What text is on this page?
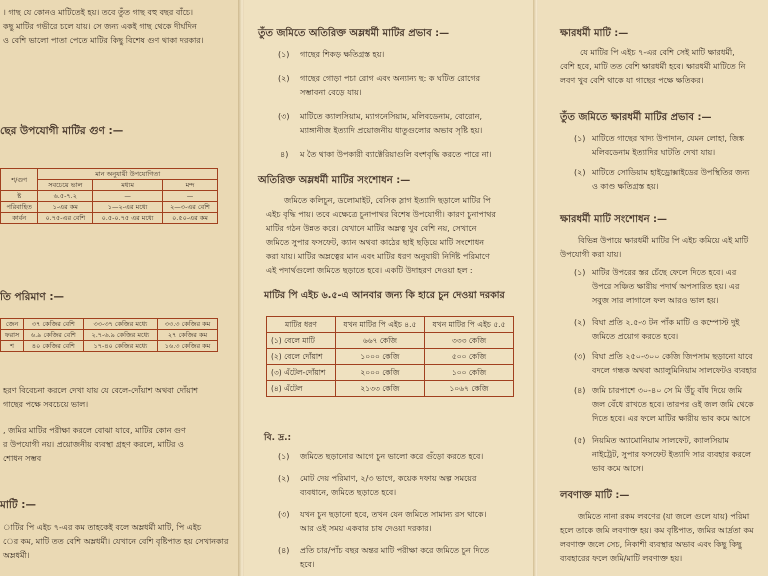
। গাছ যে কোনও মাটিতেই হয়। তবে তুঁত গাছ বহু বছর বাঁচে।
কছু মাটির গভীরে চলে যায়। সে জন্য একই গাছ থেকে দীর্ঘদিন
ও বেশি ভালো পাতা পেতে মাটির কিছু বিশেষ গুণ থাকা দরকার।
ছের উপযোগী মাটির গুণ :—
শ/গুণ	মান অনুযায়ী উপযোগিতা		
	সবচেয়ে ভাল	মধ্যম	মন্দ
ষ্ট	৬.৫-৭.২	—	—
পরিবাহিত	১-এর কম	১—২-এর মধ্যে	২—৩-এর বেশি
কার্বন	০.৭৫-এর বেশি	০.৫-০.৭৫ এর মধ্যে	০.৫০-এর কম
তি পরিমাণ :—
জেন	৩৭ কেজির বেশি	৩৩-৩৭ কেজির মধ্যে	৩৩.৩ কেজির কম
ফরাস	৬.৯ কেজির বেশি	২.৭-৬.৯ কেজির মধ্যে	২৭ কেজির কম
শ	৪০ কেজির বেশি	১৭-৪০ কেজির মধ্যে	১৬.৩ কেজির কম
হরণ বিবেচনা করলে দেখা যায় যে বেলে-দোঁয়াশ অথবা দোঁয়াশ
গাছের পক্ষে সবচেয়ে ভাল।
, জমির মাটির পরীক্ষা করলে বোঝা যাবে, মাটির কোন গুণ
র উপযোগী নয়। প্রয়োজনীয় ব্যবস্থা গ্রহণ করলে, মাটির ও
শোধন সম্ভব
মাটি :—
াটির পি এইচ ৭-এর কম তাহকেই বলে অম্লধর্মী মাটি, পি এইচ
ের কম, মাটি তত বেশি অম্লধর্মী। যেখানে বেশি বৃষ্টিপাত হয় সেখানকার
অম্লধর্মী।
তুঁত জমিতে অতিরিক্ত অম্লধর্মী মাটির প্রভাব :—
(১) গাছের শিকড় ক্ষতিগ্রস্ত হয়।
(২) গাছের গোড়া পচা রোগ এবং অন্যান্য ছ: ক ঘটিত রোগের
সম্ভাবনা বেড়ে যায়।
(৩) মাটিতে ক্যালসিয়াম, ম্যাগনেসিয়াম, মলিবডেনাম, বোরোন,
ম্যাঙ্গানীজ ইত্যাদি প্রয়োজনীয় ধাতুগুলোর অভাব সৃষ্টি হয়।
৪) ম তৈ থাকা উপকারী ব্যাক্টেরিয়াগুলি বংশবৃদ্ধি করতে পারে না।
অতিরিক্ত অম্লধর্মী মাটির সংশোধন :—
জমিতে কলিচুন, ডলোমাইট, বেসিক স্লাগ ইত্যাদি ছড়ালে মাটির পি
এইচ বৃদ্ধি পায়। তবে এক্ষেত্রে চুনাপাথর বিশেষ উপযোগী। কারণ চুনাপাথর
মাটির গঠন উন্নত করে। যেখানে মাটির অম্লত্ব খুব বেশি নয়, সেখানে
জমিতে সুপার ফসফেট, ক্যান অথবা কাঠের ছাই ছড়িয়ে মাটি সংশোধন
করা যায়। মাটির অম্লত্বের মান এবং মাটির ধরণ অনুযায়ী নির্দিষ্ট পরিমাণে
এই পদার্থগুলো জমিতে ছড়াতে হবে। একটি উদাহরণ দেওয়া হল :
মাটির পি এইচ ৬.৫-এ আনবার জন্য কি হারে চুন দেওয়া দরকার
মাটির ধরণ	যখন মাটির পি এইচ ৪.৫	যখন মাটির পি এইচ ৫.৫
(১) বেলে মাটি	৬৬৭ কেজি	৩৩৩ কেজি
(২) বেলে দোঁয়াশ	১০০০ কেজি	৫০০ কেজি
(৩) এঁটেল-দোঁয়াশ	২০০০ কেজি	১০০ কেজি
(৪) এঁটেল	২১৩৩ কেজি	১০৬৭ কেজি
বি. দ্র.:
(১) জমিতে ছড়ানোর আগে চুন ভালো করে গুঁড়ো করতে হবে।
(২) মোট দেয় পরিমাণ, ২/৩ ভাগে, কয়েক দফায় অল্প সময়ের
ব্যবধানে, জমিতে ছড়াতে হবে।
(৩) যখন চুন ছড়ানো হবে, তখন যেন জমিতে সামান্য রস থাকে।
আর ওই সময় একবার চাষ দেওয়া দরকার।
(৪) প্রতি চার/পাঁচ বছর অন্তর মাটি পরীক্ষা করে জমিতে চুন দিতে
হবে।
ক্ষারধর্মী মাটি :—
যে মাটির পি এইচ ৭-এর বেশি সেই মাটি ক্ষারধর্মী,
বেশি হবে, মাটি তত বেশি ক্ষারধর্মী হবে। ক্ষারধর্মী মাটিতে নি
লবণ খুব বেশি থাকে যা গাছের পক্ষে ক্ষতিকর।
তুঁত জমিতে ক্ষারধর্মী মাটির প্রভাব :—
(১) মাটিতে গাছের খাদ্য উপাদান, যেমন লোহা, জিঙ্ক
মলিবডেনাম ইত্যাদির ঘাটতি দেখা যায়।
(২) মাটিতে সোডিয়াম হাইড্রোক্সাইডের উপস্থিতির জন্য
ও কাণ্ড ক্ষতিগ্রস্ত হয়।
ক্ষারধর্মী মাটি সংশোধন :—
বিভিন্ন উপায়ে ক্ষারধর্মী মাটির পি এইচ কমিয়ে এই মাটি
উপযোগী করা যায়।
(১) মাটির উপরের স্তর চেঁছে ফেলে দিতে হবে। এর
উপরে সঞ্চিত ক্ষারীয় পদার্থ অপসারিত হয়। এর
সবুজ সার লাগালে ফল আরও ভাল হয়।
(২) বিঘা প্রতি ২.৫-৩ টন পাঁক মাটি ও কম্পোস্ট দুই
জমিতে প্রয়োগ করতে হবে।
(৩) বিঘা প্রতি ২৫০-৩০০ কেজি জিপসাম ছড়ানো যাবে
বদলে গন্ধক অথবা অ্যালুমিনিয়াম সালফেটও ব্যবহার
(৪) জমি চারপাশে ৩০-৪০ সে মি উঁচু বাঁধ দিয়ে জমি
জল বেঁধে রাখতে হবে। তারপর ওই জল জমি থেকে
দিতে হবে। এর ফলে মাটির ক্ষারীয় ভাব কমে আসে
(৫) নিয়মিত অ্যামোনিয়াম সালফেট, ক্যালসিয়াম
নাইট্রেট, সুপার ফসফেট ইত্যাদি সার ব্যবহার করলে
ভাব কমে আসে।
লবণাক্ত মাটি :—
জমিতে নানা রকম লবণের (যা জলে গুলে যায়) পরিমা
হলে তাকে জমি লবণাক্ত হয়। কম বৃষ্টিপাত, জমির আর্দ্রতা কম
লবণাক্ত জলে সেচ, নিকাশী ব্যবস্থার অভাব এবং কিছু কিছু
ব্যবহারের ফলে জমি/মাটি লবণাক্ত হয়।
